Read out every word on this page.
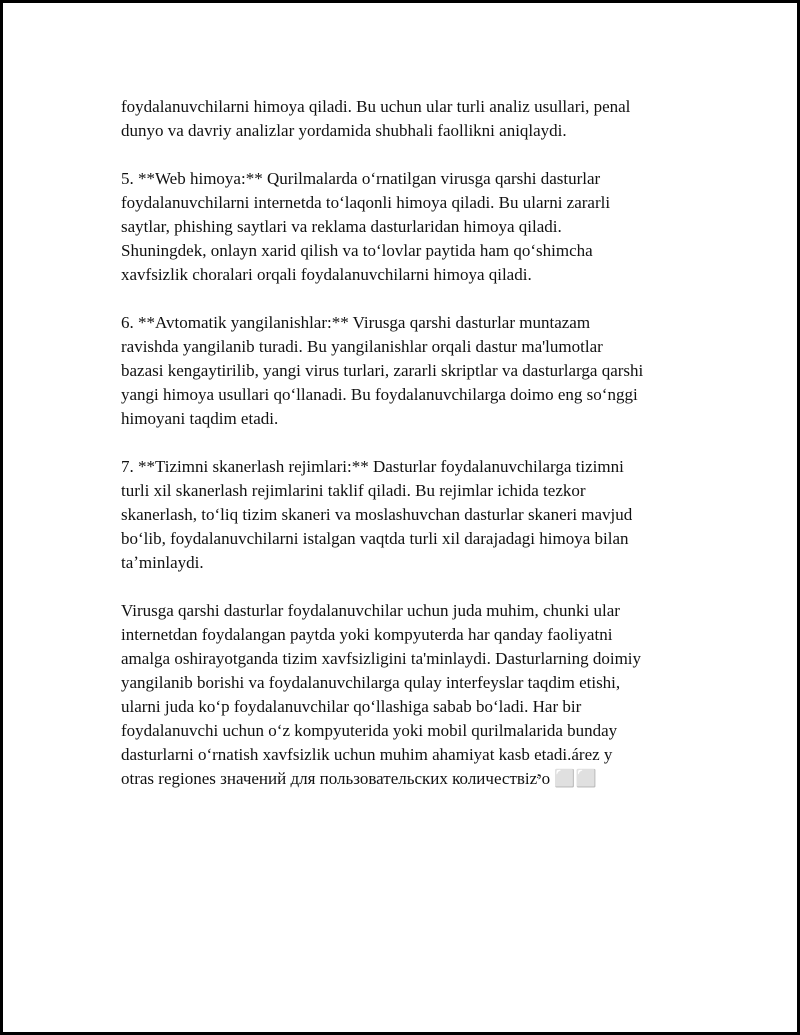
foydalanuvchilarni himoya qiladi. Bu uchun ular turli analiz usullari, penal
dunyo va davriy analizlar yordamida shubhali faollikni aniqlaydi.

5. **Web himoya:** Qurilmalarda oʻrnatilgan virusga qarshi dasturlar
foydalanuvchilarni internetda toʻlaqonli himoya qiladi. Bu ularni zararli
saytlar, phishing saytlari va reklama dasturlaridan himoya qiladi.
Shuningdek, onlayn xarid qilish va toʻlovlar paytida ham qoʻshimcha
xavfsizlik choralari orqali foydalanuvchilarni himoya qiladi.

6. **Avtomatik yangilanishlar:** Virusga qarshi dasturlar muntazam
ravishda yangilanib turadi. Bu yangilanishlar orqali dastur ma'lumotlar
bazasi kengaytirilib, yangi virus turlari, zararli skriptlar va dasturlarga qarshi
yangi himoya usullari qoʻllanadi. Bu foydalanuvchilarga doimo eng soʻnggi
himoyani taqdim etadi.

7. **Tizimni skanerlash rejimlari:** Dasturlar foydalanuvchilarga tizimni
turli xil skanerlash rejimlarini taklif qiladi. Bu rejimlar ichida tezkor
skanerlash, toʻliq tizim skaneri va moslashuvchan dasturlar skaneri mavjud
boʻlib, foydalanuvchilarni istalgan vaqtda turli xil darajadagi himoya bilan
taʼminlaydi.

Virusga qarshi dasturlar foydalanuvchilar uchun juda muhim, chunki ular
internetdan foydalangan paytda yoki kompyuterda har qanday faoliyatni
amalga oshirayotganda tizim xavfsizligini ta'minlaydi. Dasturlarning doimiy
yangilanib borishi va foydalanuvchilarga qulay interfeyslar taqdim etishi,
ularni juda koʻp foydalanuvchilar qoʻllashiga sabab boʻladi. Har bir
foydalanuvchi uchun oʻz kompyuterida yoki mobil qurilmalarida bunday
dasturlarni oʻrnatish xavfsizlik uchun muhim ahamiyat kasb etadi.árez y
otras regiones значений для пользовательских количествizיּo ⬜⬜
